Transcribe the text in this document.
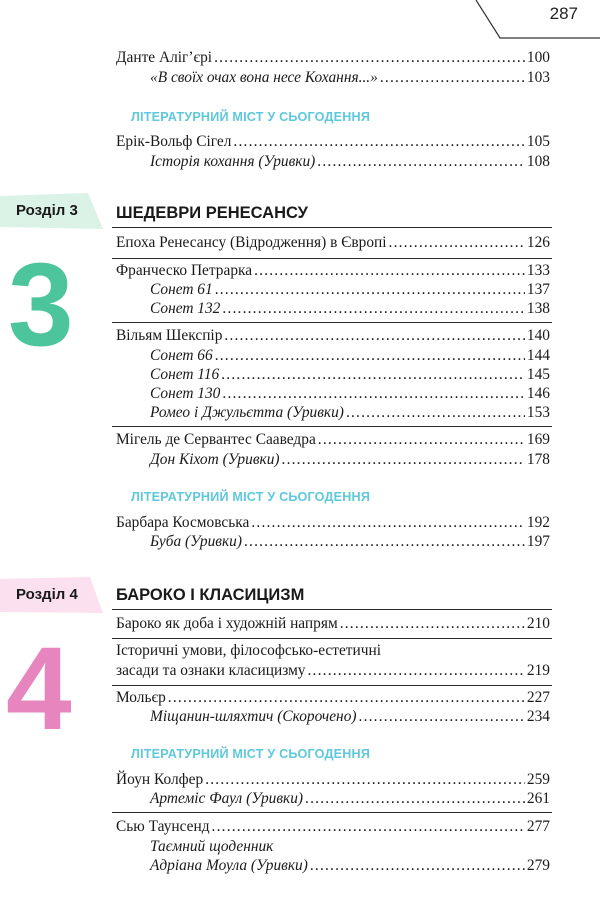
287
Данте Алiг’єрi .....	100
«В своїх очах вона несе Кохання...» .....	103
ЛІТЕРАТУРНИЙ МІСТ У СЬОГОДЕННЯ
Ерiк-Вольф Сiгел .....	105
Iсторiя кохання (Уривки) .....	108
Розділ 3
3
ШЕДЕВРИ РЕНЕСАНСУ
Епоха Ренесансу (Вiдродження) в Європi .....	126
Франческо Петрарка .....	133
Сонет 61 .....	137
Сонет 132 .....	138
Вiльям Шекспiр .....	140
Сонет 66 .....	144
Сонет 116 .....	145
Сонет 130 .....	146
Ромео i Джульєтта (Уривки) .....	153
Мiгель де Сервантес Сааведра .....	169
Дон Кiхот (Уривки) .....	178
ЛІТЕРАТУРНИЙ МІСТ У СЬОГОДЕННЯ
Барбара Космовська .....	192
Буба (Уривки) .....	197
Розділ 4
4
БАРОКО І КЛАСИЦИЗМ
Бароко як доба i художнiй напрям .....	210
Iсторичнi умови, фiлософсько-естетичнi
засади та ознаки класицизму .....	219
Мольєр .....	227
Мiщанин-шляхтич (Скорочено) .....	234
ЛІТЕРАТУРНИЙ МІСТ У СЬОГОДЕННЯ
Йоун Колфер .....	259
Артемiс Фаул (Уривки) .....	261
Сью Таунсенд .....	277
Таємний щоденник
Адрiана Моула (Уривки) .....	279
